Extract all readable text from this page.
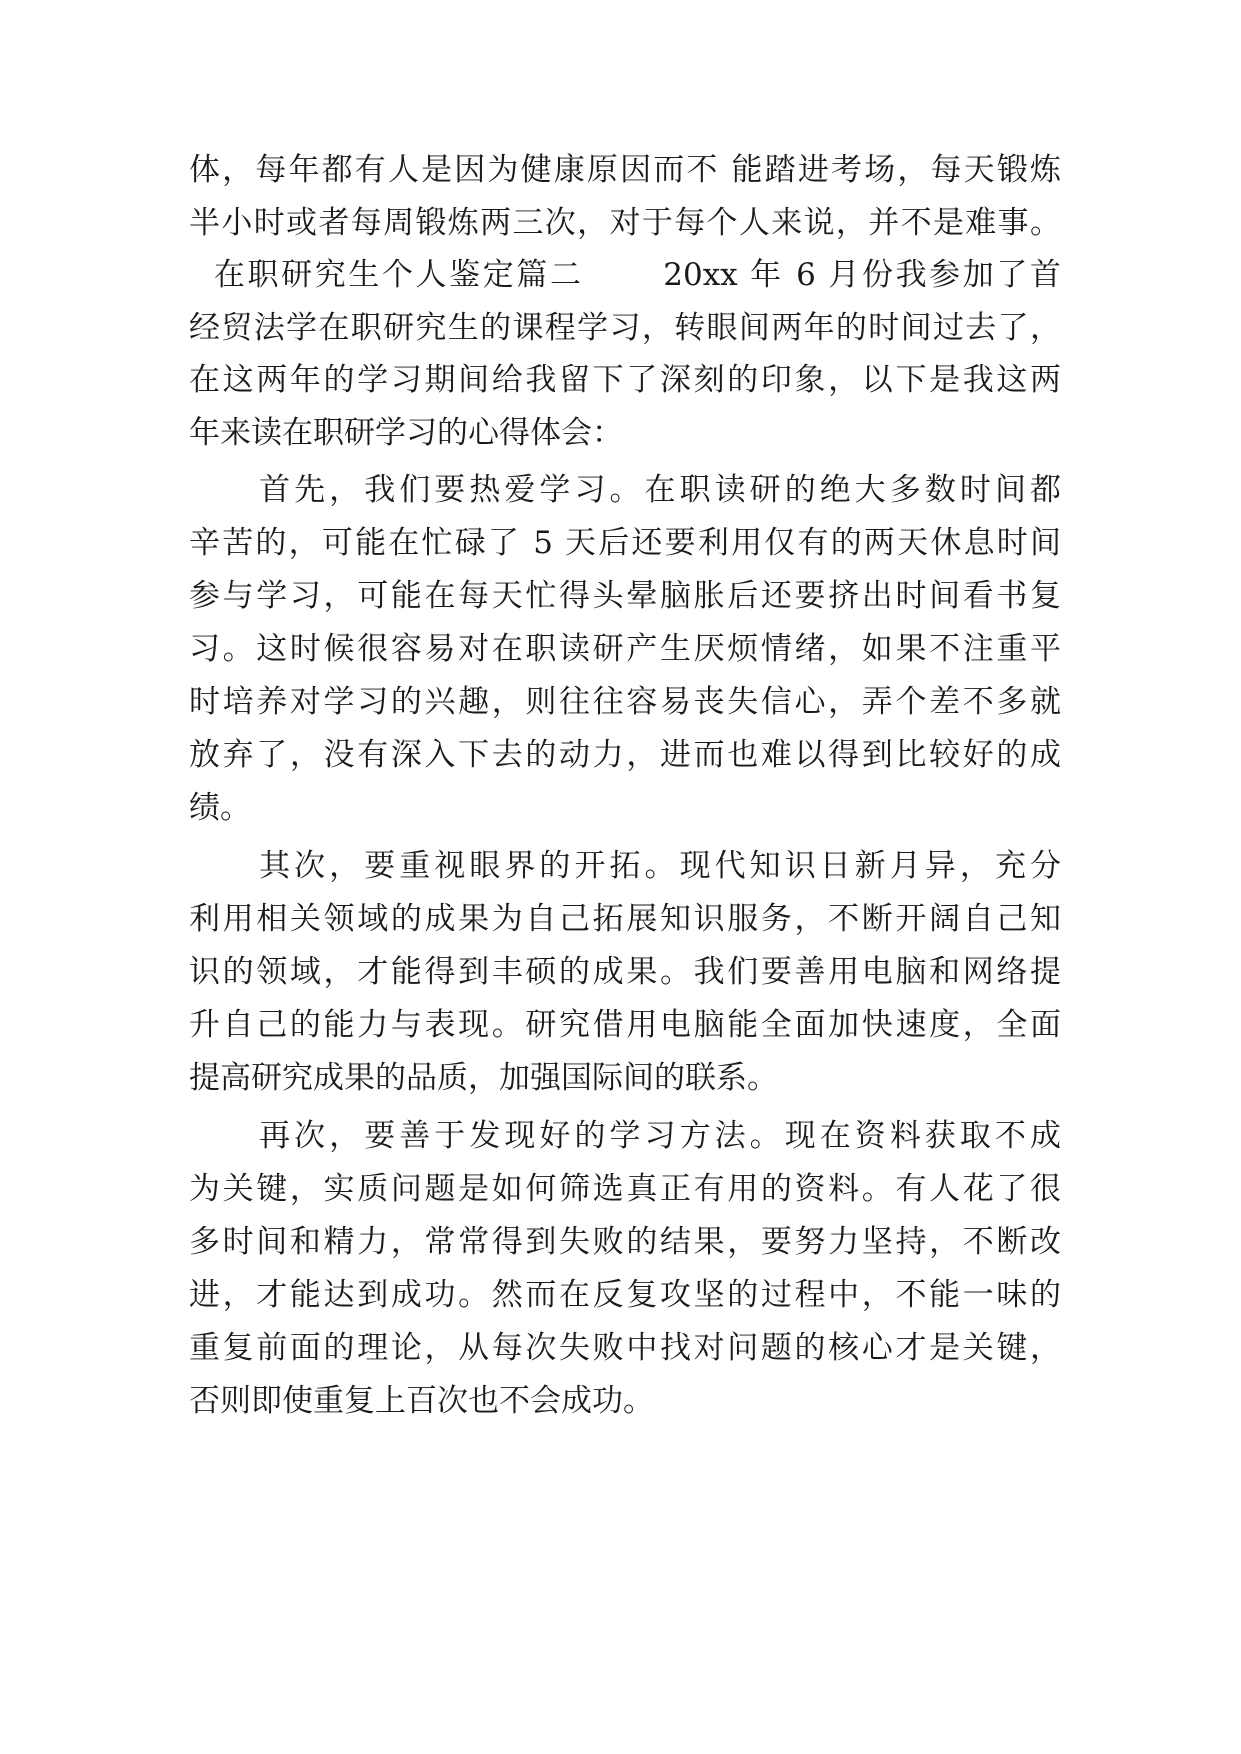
体，每年都有人是因为健康原因而不 能踏进考场，每天锻炼
半小时或者每周锻炼两三次，对于每个人来说，并不是难事。
在职研究生个人鉴定篇二　　 20xx 年 6 月份我参加了首
经贸法学在职研究生的课程学习，转眼间两年的时间过去了，
在这两年的学习期间给我留下了深刻的印象，以下是我这两
年来读在职研学习的心得体会：
　　首先，我们要热爱学习。在职读研的绝大多数时间都
辛苦的，可能在忙碌了 5 天后还要利用仅有的两天休息时间
参与学习，可能在每天忙得头晕脑胀后还要挤出时间看书复
习。这时候很容易对在职读研产生厌烦情绪，如果不注重平
时培养对学习的兴趣，则往往容易丧失信心，弄个差不多就
放弃了，没有深入下去的动力，进而也难以得到比较好的成
绩。
　　其次，要重视眼界的开拓。现代知识日新月异，充分
利用相关领域的成果为自己拓展知识服务，不断开阔自己知
识的领域，才能得到丰硕的成果。我们要善用电脑和网络提
升自己的能力与表现。研究借用电脑能全面加快速度，全面
提高研究成果的品质，加强国际间的联系。
　　再次，要善于发现好的学习方法。现在资料获取不成
为关键，实质问题是如何筛选真正有用的资料。有人花了很
多时间和精力，常常得到失败的结果，要努力坚持，不断改
进，才能达到成功。然而在反复攻坚的过程中，不能一味的
重复前面的理论，从每次失败中找对问题的核心才是关键，
否则即使重复上百次也不会成功。
